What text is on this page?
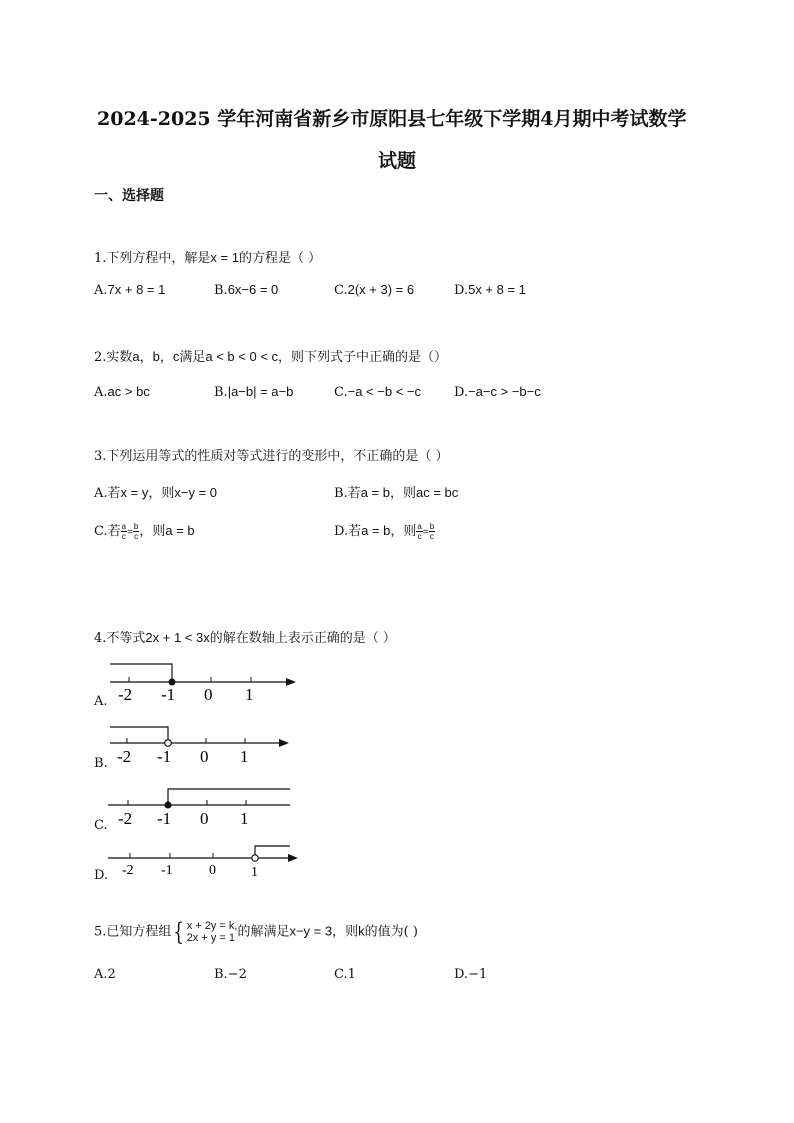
2024-2025 学年河南省新乡市原阳县七年级下学期4月期中考试数学
试题
一、选择题
1.下列方程中，解是x = 1的方程是（ ）
A.7x + 8 = 1	B.6x−6 = 0	C.2(x + 3) = 6	D.5x + 8 = 1
2.实数a，b，c满足a < b < 0 < c，则下列式子中正确的是（）
A.ac > bc	B.|a−b| = a−b	C.−a < −b < −c	D.−a−c > −b−c
3.下列运用等式的性质对等式进行的变形中，不正确的是（ ）
A.若x = y，则x−y = 0	B.若a = b，则ac = bc
C.若 $\frac{a}{c} = \frac{b}{c}$ ，则a = b	D.若a = b，则 $\frac{a}{c} = \frac{b}{c}$
4.不等式2x + 1 < 3x的解在数轴上表示正确的是（ ）
A. -2 -1 0 1
B. -2 -1 0 1
C. -2 -1 0 1
D. -2 -1	0	1
5.已知方程组{ x + 2y = k,
2x + y = 1 的解满足x−y = 3，则k的值为( )
A.2	B.−2	C.1	D.−1
